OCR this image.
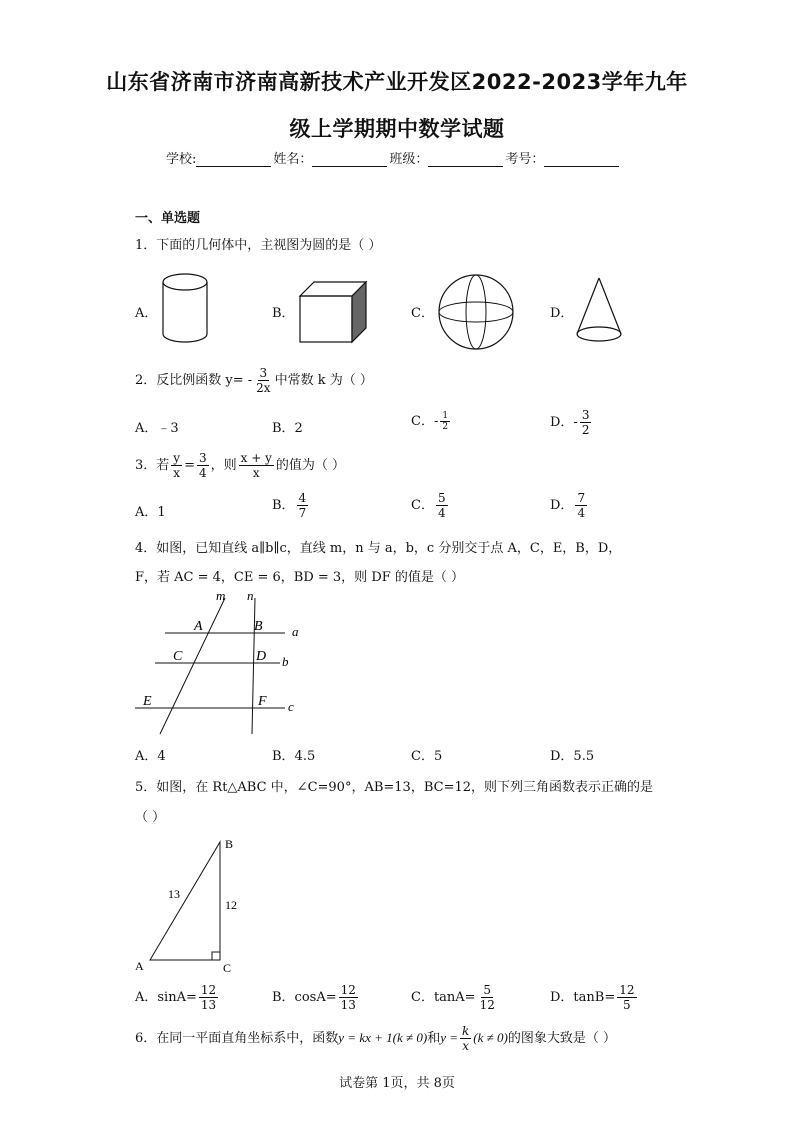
山东省济南市济南高新技术产业开发区2022-2023学年九年
级上学期期中数学试题
学校:	姓名：	班级：	考号：
一、单选题
1．下面的几何体中，主视图为圆的是（ ）
A．	B．	C．	D．
2．反比例函数 $y= - \frac{3}{2x}$ 中常数 k 为（ ）
A．﹣3	B．2	C．- $\frac{1}{2}$	D．- $\frac{3}{2}$
3．若 $\frac{y}{x} = \frac{3}{4}$ ，则 $\frac{x + y}{x}$ 的值为（ ）
A．1	B． $\frac{4}{7}$	C． $\frac{5}{4}$	D． $\frac{7}{4}$
4．如图，已知直线 a∥b∥c，直线 m，n 与 a，b，c 分别交于点 A，C，E，B，D，
F，若 AC = 4，CE = 6，BD = 3，则 DF 的值是（ ）
m n
a
b
c
A	B
C	D
E	F
A．4	B．4.5	C．5	D．5.5
5．如图，在 Rt△ABC 中，∠C=90°，AB=13，BC=12，则下列三角函数表示正确的是
（ ）
B
A	C
13
12
A．$\sin A= \frac{12}{13}$	B．$\cos A= \frac{12}{13}$	C．$\tan A= \frac{5}{12}$	D．$\tan B= \frac{12}{5}$
6．在同一平面直角坐标系中，函数y = kx + 1(k ≠ 0)和$y = \frac{k}{x} (k \ne 0)$的图象大致是（ ）
试卷第 1页，共 8页
